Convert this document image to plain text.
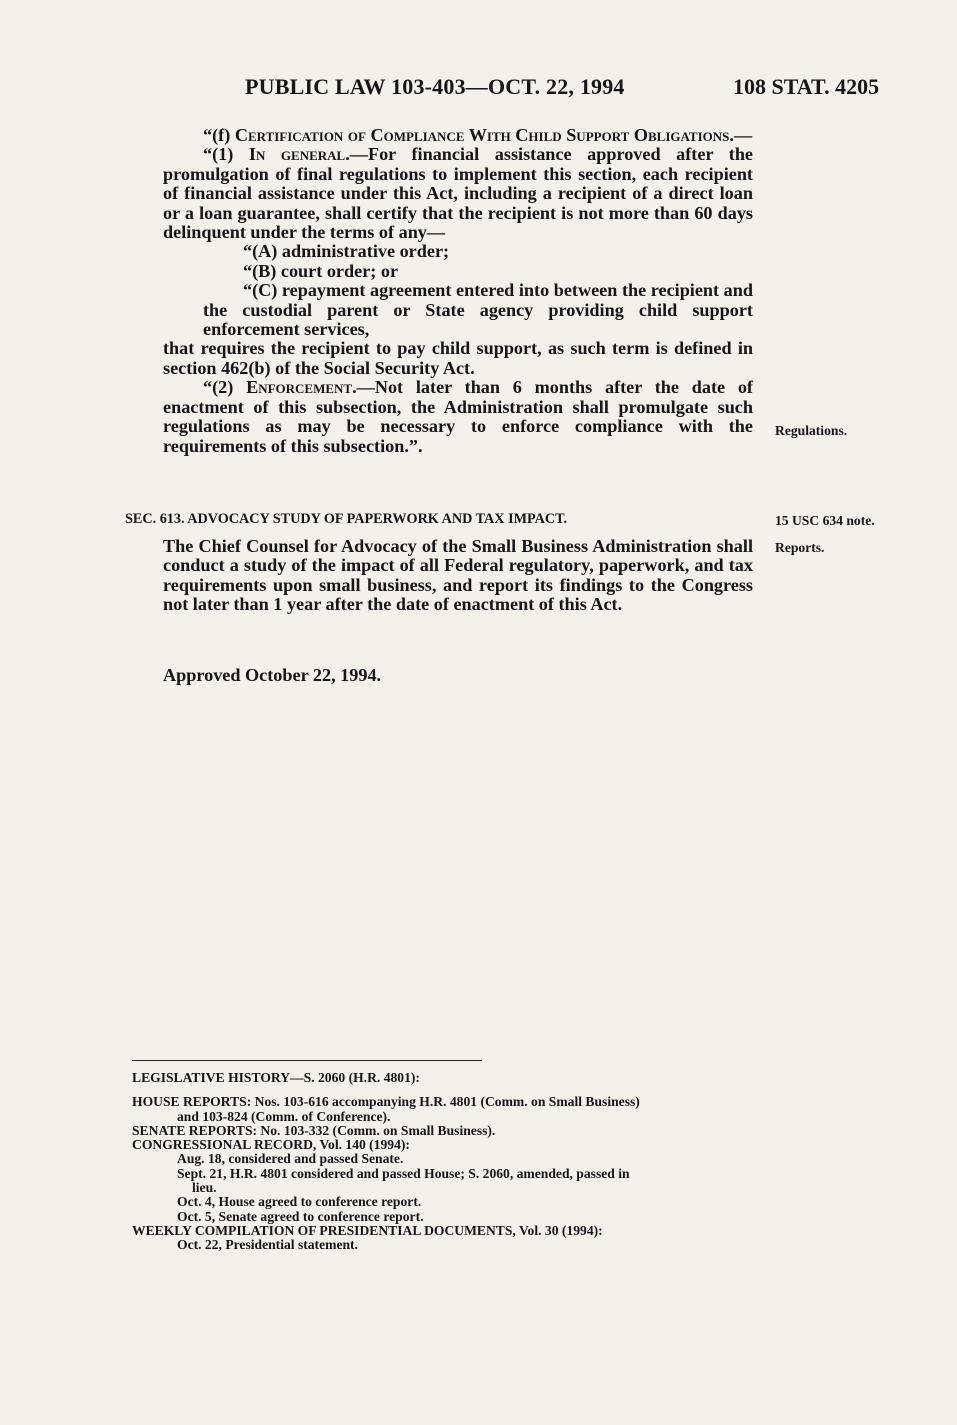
PUBLIC LAW 103-403—OCT. 22, 1994	108 STAT. 4205

“(f) Certification of Compliance With Child Support Obligations.—

“(1) In general.—For financial assistance approved after the promulgation of final regulations to implement this section, each recipient of financial assistance under this Act, including a recipient of a direct loan or a loan guarantee, shall certify that the recipient is not more than 60 days delinquent under the terms of any—

“(A) administrative order;

“(B) court order; or

“(C) repayment agreement entered into between the recipient and the custodial parent or State agency providing child support enforcement services,

that requires the recipient to pay child support, as such term is defined in section 462(b) of the Social Security Act.

“(2) Enforcement.—Not later than 6 months after the date of enactment of this subsection, the Administration shall promulgate such regulations as may be necessary to enforce compliance with the requirements of this subsection.”.

Regulations.
SEC. 613. ADVOCACY STUDY OF PAPERWORK AND TAX IMPACT.	15 USC 634 note.
Reports.
The Chief Counsel for Advocacy of the Small Business Administration shall conduct a study of the impact of all Federal regulatory, paperwork, and tax requirements upon small business, and report its findings to the Congress not later than 1 year after the date of enactment of this Act.
Approved October 22, 1994.
LEGISLATIVE HISTORY—S. 2060 (H.R. 4801):
HOUSE REPORTS: Nos. 103-616 accompanying H.R. 4801 (Comm. on Small Business)
and 103-824 (Comm. of Conference).
SENATE REPORTS: No. 103-332 (Comm. on Small Business).
CONGRESSIONAL RECORD, Vol. 140 (1994):
Aug. 18, considered and passed Senate.
Sept. 21, H.R. 4801 considered and passed House; S. 2060, amended, passed in
lieu.
Oct. 4, House agreed to conference report.
Oct. 5, Senate agreed to conference report.
WEEKLY COMPILATION OF PRESIDENTIAL DOCUMENTS, Vol. 30 (1994):
Oct. 22, Presidential statement.
